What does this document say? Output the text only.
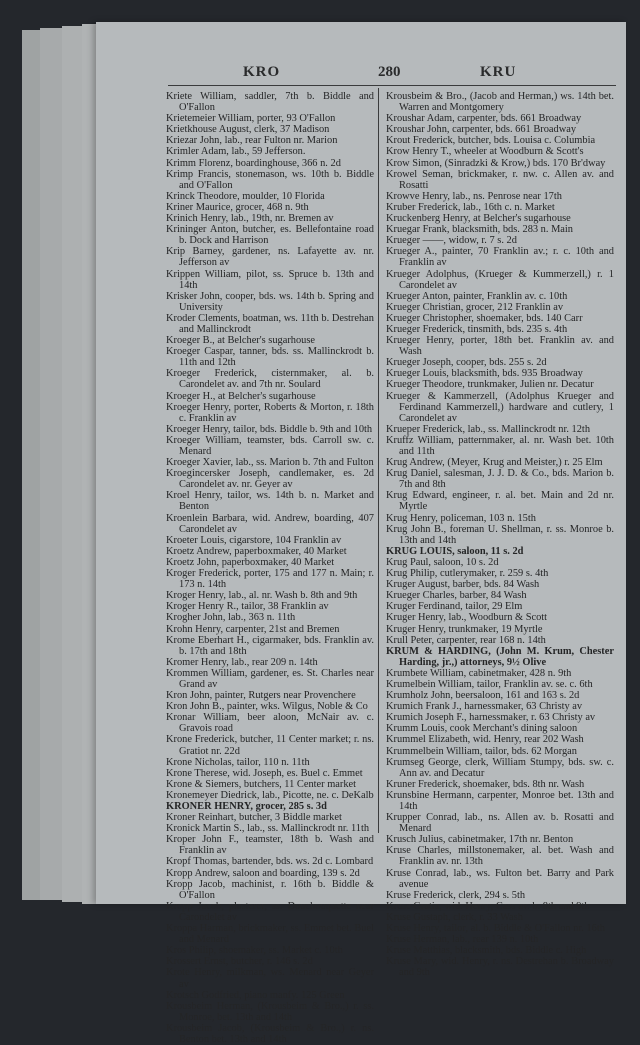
KRO	280	KRU
Kriete William, saddler, 7th b. Biddle and O'Fallon
Krietemeier William, porter, 93 O'Fallon
Krietkhouse August, clerk, 37 Madison
Kriezar John, lab., rear Fulton nr. Marion
Krimler Adam, lab., 59 Jefferson.
Krimm Florenz, boardinghouse, 366 n. 2d
Krimp Francis, stonemason, ws. 10th b. Biddle and O'Fallon
Krinck Theodore, moulder, 10 Florida
Kriner Maurice, grocer, 468 n. 9th
Krinich Henry, lab., 19th, nr. Bremen av
Krininger Anton, butcher, es. Bellefontaine road b. Dock and Harrison
Krip Barney, gardener, ns. Lafayette av. nr. Jefferson av
Krippen William, pilot, ss. Spruce b. 13th and 14th
Krisker John, cooper, bds. ws. 14th b. Spring and University
Kroder Clements, boatman, ws. 11th b. Destrehan and Mallinckrodt
Kroeger B., at Belcher's sugarhouse
Kroeger Caspar, tanner, bds. ss. Mallinckrodt b. 11th and 12th
Kroeger Frederick, cisternmaker, al. b. Carondelet av. and 7th nr. Soulard
Kroeger H., at Belcher's sugarhouse
Kroeger Henry, porter, Roberts & Morton, r. 18th c. Franklin av
Kroeger Henry, tailor, bds. Biddle b. 9th and 10th
Kroeger William, teamster, bds. Carroll sw. c. Menard
Kroeger Xavier, lab., ss. Marion b. 7th and Fulton
Kroegincersker Joseph, candlemaker, es. 2d Carondelet av. nr. Geyer av
Kroel Henry, tailor, ws. 14th b. n. Market and Benton
Kroenlein Barbara, wid. Andrew, boarding, 407 Carondelet av
Kroeter Louis, cigarstore, 104 Franklin av
Kroetz Andrew, paperboxmaker, 40 Market
Kroetz John, paperboxmaker, 40 Market
Kroger Frederick, porter, 175 and 177 n. Main; r. 173 n. 14th
Kroger Henry, lab., al. nr. Wash b. 8th and 9th
Kroger Henry R., tailor, 38 Franklin av
Krogher John, lab., 363 n. 11th
Krohn Henry, carpenter, 21st and Bremen
Krome Eberhart H., cigarmaker, bds. Franklin av. b. 17th and 18th
Kromer Henry, lab., rear 209 n. 14th
Krommen William, gardener, es. St. Charles near Grand av
Kron John, painter, Rutgers near Provenchere
Kron John B., painter, wks. Wilgus, Noble & Co
Kronar William, beer aloon, McNair av. c. Gravois road
Krone Frederick, butcher, 11 Center market; r. ns. Gratiot nr. 22d
Krone Nicholas, tailor, 110 n. 11th
Krone Therese, wid. Joseph, es. Buel c. Emmet
Krone & Siemers, butchers, 11 Center market
Kronemeyer Diedrick, lab., Picotte, ne. c. DeKalb
KRONER HENRY, grocer, 285 s. 3d
Kroner Reinhart, butcher, 3 Biddle market
Kronick Martin S., lab., ss. Mallinckrodt nr. 11th
Kroper John F., teamster, 18th b. Wash and Franklin av
Kropf Thomas, bartender, bds. ws. 2d c. Lombard
Kropp Andrew, saloon and boarding, 139 s. 2d
Kropp Jacob, machinist, r. 16th b. Biddle & O'Fallon
Kropp Jacob, plasterer, ss. Douchouquette near Carondelet av
Kroppa Harman, brickmaker, ss. Emmet bet. Buel and Menard
Kros Philip, shoemaker, ss. Market c. 10th
Krossert Ernst, butcher, r. 146 s. 2d
Krote Henry, milkman, ws. Menard near Geyer av
Krotsch Godfried, piano manfy. 125 Green
Krousbeim Herman, (Krousbeim & Bro.,) r. ss. Monroe, bet. 13th and 14th
Krousbeim Jacob, (Krousbeim & Bro.,) r. ns. Benton bet. 13th and 14th
Krousbeim & Bro., (Jacob and Herman,) ws. 14th bet. Warren and Montgomery
Kroushar Adam, carpenter, bds. 661 Broadway
Kroushar John, carpenter, bds. 661 Broadway
Krout Frederick, butcher, bds. Louisa c. Columbia
Krow Henry T., wheeler at Woodburn & Scott's
Krow Simon, (Sinradzki & Krow,) bds. 170 Br'dway
Krowel Seman, brickmaker, r. nw. c. Allen av. and Rosatti
Krowve Henry, lab., ns. Penrose near 17th
Kruber Frederick, lab., 16th c. n. Market
Kruckenberg Henry, at Belcher's sugarhouse
Kruegar Frank, blacksmith, bds. 283 n. Main
Krueger ——, widow, r. 7 s. 2d
Krueger A., painter, 70 Franklin av.; r. c. 10th and Franklin av
Krueger Adolphus, (Krueger & Kummerzell,) r. 1 Carondelet av
Krueger Anton, painter, Franklin av. c. 10th
Krueger Christian, grocer, 212 Franklin av
Krueger Christopher, shoemaker, bds. 140 Carr
Krueger Frederick, tinsmith, bds. 235 s. 4th
Krueger Henry, porter, 18th bet. Franklin av. and Wash
Krueger Joseph, cooper, bds. 255 s. 2d
Krueger Louis, blacksmith, bds. 935 Broadway
Krueger Theodore, trunkmaker, Julien nr. Decatur
Krueger & Kammerzell, (Adolphus Krueger and Ferdinand Kammerzell,) hardware and cutlery, 1 Carondelet av
Krueper Frederick, lab., ss. Mallinckrodt nr. 12th
Kruffz William, patternmaker, al. nr. Wash bet. 10th and 11th
Krug Andrew, (Meyer, Krug and Meister,) r. 25 Elm
Krug Daniel, salesman, J. J. D. & Co., bds. Marion b. 7th and 8th
Krug Edward, engineer, r. al. bet. Main and 2d nr. Myrtle
Krug Henry, policeman, 103 n. 15th
Krug John B., foreman U. Shellman, r. ss. Monroe b. 13th and 14th
KRUG LOUIS, saloon, 11 s. 2d
Krug Paul, saloon, 10 s. 2d
Krug Philip, cutlerymaker, r. 259 s. 4th
Kruger August, barber, bds. 84 Wash
Krueger Charles, barber, 84 Wash
Kruger Ferdinand, tailor, 29 Elm
Kruger Henry, lab., Woodburn & Scott
Kruger Henry, trunkmaker, 19 Myrtle
Krull Peter, carpenter, rear 168 n. 14th
KRUM & HARDING, (John M. Krum, Chester Harding, jr.,) attorneys, 9½ Olive
Krumbete William, cabinetmaker, 428 n. 9th
Krumelbein William, tailor, Franklin av. se. c. 6th
Krumholz John, beersaloon, 161 and 163 s. 2d
Krumich Frank J., harnessmaker, 63 Christy av
Krumich Joseph F., harnessmaker, r. 63 Christy av
Krumm Louis, cook Merchant's dining saloon
Krummel Elizabeth, wid. Henry, rear 202 Wash
Krummelbein William, tailor, bds. 62 Morgan
Krumseg George, clerk, William Stumpy, bds. sw. c. Ann av. and Decatur
Kruner Frederick, shoemaker, bds. 8th nr. Wash
Krunsbine Hermann, carpenter, Monroe bet. 13th and 14th
Krupper Conrad, lab., ns. Allen av. b. Rosatti and Menard
Krusch Julius, cabinetmaker, 17th nr. Benton
Kruse Charles, millstonemaker, al. bet. Wash and Franklin av. nr. 13th
Kruse Conrad, lab., ws. Fulton bet. Barry and Park avenue
Kruse Frederick, clerk, 294 s. 5th
Kruse Gratia, wid. Henry, Cass av. b. 8th and 9th
Kruse Gustaph, clerk, r. 33 Wash
Kruse Henry, tailor, al. b. Biddle & O'Fallon nr. 16th
Kruse Herman, lab., rear 139 n. 10th
Kruse Matthias, blacksmith, bds. Biddle c. High
Kruse Mary, wid. Henry, r. ns. Destrehan b. Broadway and 9th
